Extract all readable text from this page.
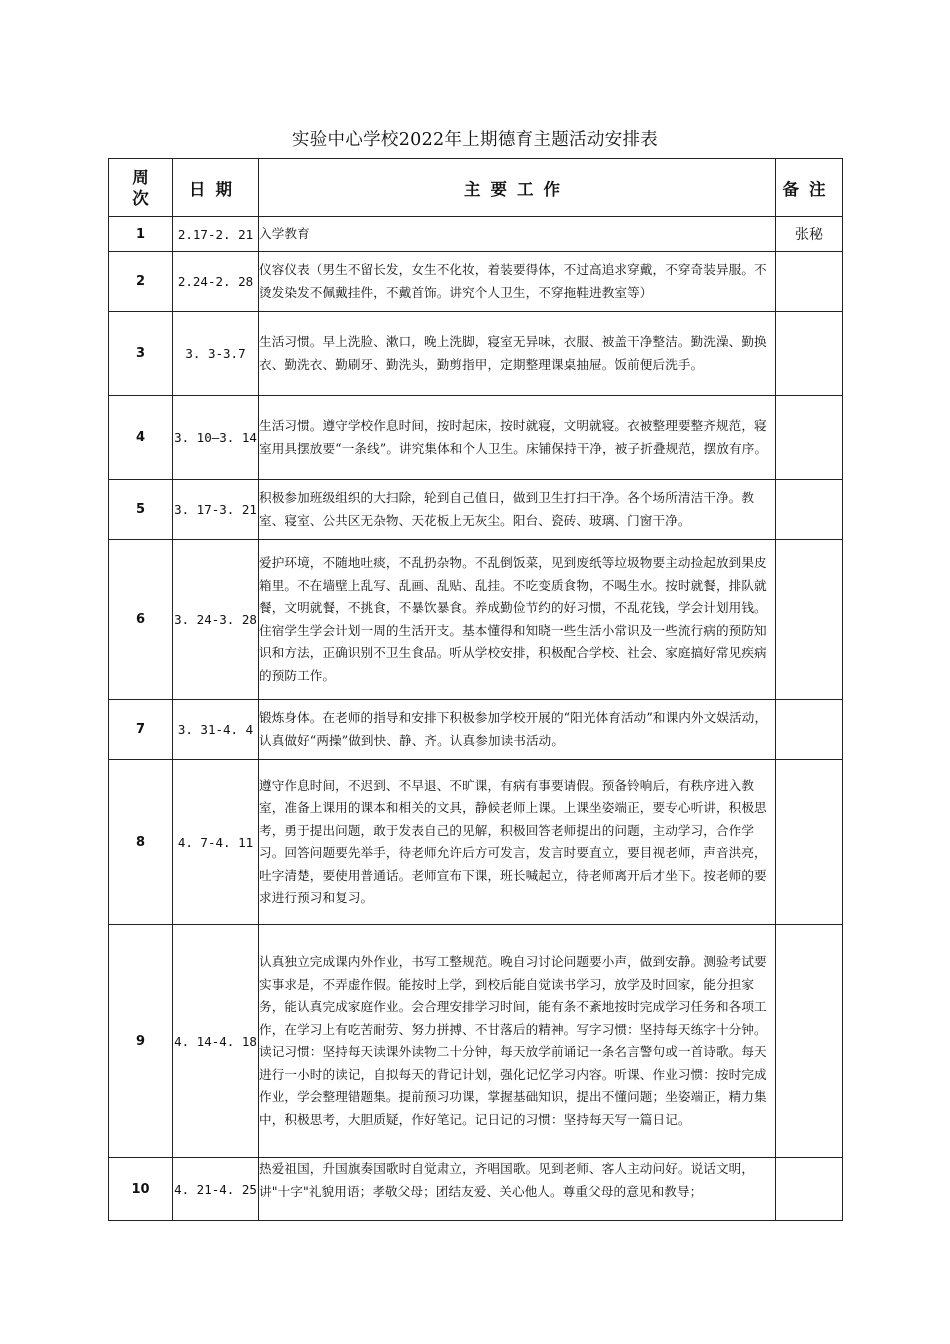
实验中心学校2022年上期德育主题活动安排表
周
次	日期	主要工作	备注
1	2.17-2. 21	入学教育	张秘
2	2.24-2. 28	仪容仪表（男生不留长发，女生不化妆，着装要得体，不过高追求穿戴，不穿奇装异服。不烫发染发不佩戴挂件，不戴首饰。讲究个人卫生，不穿拖鞋进教室等）	
3	3. 3-3.7	生活习惯。早上洗脸、漱口，晚上洗脚，寝室无异味，衣服、被盖干净整洁。勤洗澡、勤换衣、勤洗衣、勤刷牙、勤洗头，勤剪指甲，定期整理课桌抽屉。饭前便后洗手。	
4	3. 10—3. 14	生活习惯。遵守学校作息时间，按时起床，按时就寝，文明就寝。衣被整理要整齐规范，寝室用具摆放要“一条线”。讲究集体和个人卫生。床铺保持干净，被子折叠规范，摆放有序。	
5	3. 17-3. 21	积极参加班级组织的大扫除，轮到自己值日，做到卫生打扫干净。各个场所清洁干净。教室、寝室、公共区无杂物、天花板上无灰尘。阳台、瓷砖、玻璃、门窗干净。	
6	3. 24-3. 28	爱护环境，不随地吐痰，不乱扔杂物。不乱倒饭菜，见到废纸等垃圾物要主动捡起放到果皮箱里。不在墙壁上乱写、乱画、乱贴、乱挂。不吃变质食物，不喝生水。按时就餐，排队就餐，文明就餐，不挑食，不暴饮暴食。养成勤俭节约的好习惯，不乱花钱，学会计划用钱。住宿学生学会计划一周的生活开支。基本懂得和知晓一些生活小常识及一些流行病的预防知识和方法，正确识别不卫生食品。听从学校安排，积极配合学校、社会、家庭搞好常见疾病的预防工作。	
7	3. 31-4. 4	锻炼身体。在老师的指导和安排下积极参加学校开展的“阳光体育活动”和课内外文娱活动，认真做好“两操”做到快、静、齐。认真参加读书活动。	
8	4. 7-4. 11	遵守作息时间，不迟到、不早退、不旷课，有病有事要请假。预备铃响后，有秩序进入教室，准备上课用的课本和相关的文具，静候老师上课。上课坐姿端正，要专心听讲，积极思考，勇于提出问题，敢于发表自己的见解，积极回答老师提出的问题，主动学习，合作学习。回答问题要先举手，待老师允许后方可发言，发言时要直立，要目视老师，声音洪亮，吐字清楚，要使用普通话。老师宣布下课，班长喊起立，待老师离开后才坐下。按老师的要求进行预习和复习。	
9	4. 14-4. 18	认真独立完成课内外作业，书写工整规范。晚自习讨论问题要小声，做到安静。测验考试要实事求是，不弄虚作假。能按时上学，到校后能自觉读书学习，放学及时回家，能分担家务，能认真完成家庭作业。会合理安排学习时间，能有条不紊地按时完成学习任务和各项工作，在学习上有吃苦耐劳、努力拼搏、不甘落后的精神。写字习惯：坚持每天练字十分钟。读记习惯：坚持每天读课外读物二十分钟，每天放学前诵记一条名言警句或一首诗歌。每天进行一小时的读记，自拟每天的背记计划，强化记忆学习内容。听课、作业习惯：按时完成作业，学会整理错题集。提前预习功课，掌握基础知识，提出不懂问题；坐姿端正，精力集中，积极思考，大胆质疑，作好笔记。记日记的习惯：坚持每天写一篇日记。	
10	4. 21-4. 25	热爱祖国，升国旗奏国歌时自觉肃立，齐唱国歌。见到老师、客人主动问好。说话文明，讲"十字"礼貌用语；孝敬父母；团结友爱、关心他人。尊重父母的意见和教导；	
